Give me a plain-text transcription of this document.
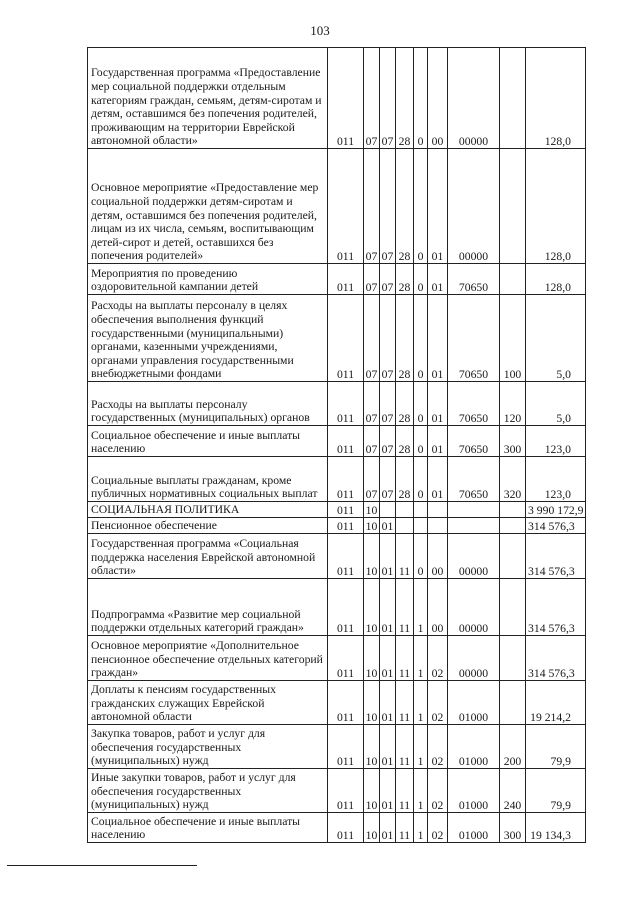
103
Государственная программа «Предоставление мер социальной поддержки отдельным категориям граждан, семьям, детям-сиротам и детям, оставшимся без попечения родителей, проживающим на территории Еврейской автономной области»	011	07	07	28	0	00	00000		128,0
Основное мероприятие «Предоставление мер социальной поддержки детям-сиротам и детям, оставшимся без попечения родителей, лицам из их числа, семьям, воспитывающим детей-сирот и детей, оставшихся без попечения родителей»	011	07	07	28	0	01	00000		128,0
Мероприятия по проведению оздоровительной кампании детей	011	07	07	28	0	01	70650		128,0
Расходы на выплаты персоналу в целях обеспечения выполнения функций государственными (муниципальными) органами, казенными учреждениями, органами управления государственными внебюджетными фондами	011	07	07	28	0	01	70650	100	5,0
Расходы на выплаты персоналу государственных (муниципальных) органов	011	07	07	28	0	01	70650	120	5,0
Социальное обеспечение и иные выплаты населению	011	07	07	28	0	01	70650	300	123,0
Социальные выплаты гражданам, кроме публичных нормативных социальных выплат	011	07	07	28	0	01	70650	320	123,0
СОЦИАЛЬНАЯ ПОЛИТИКА	011	10							3 990 172,9
Пенсионное обеспечение	011	10	01						314 576,3
Государственная программа «Социальная поддержка населения Еврейской автономной области»	011	10	01	11	0	00	00000		314 576,3
Подпрограмма «Развитие мер социальной поддержки отдельных категорий граждан»	011	10	01	11	1	00	00000		314 576,3
Основное мероприятие «Дополнительное пенсионное обеспечение отдельных категорий граждан»	011	10	01	11	1	02	00000		314 576,3
Доплаты к пенсиям государственных гражданских служащих Еврейской автономной области	011	10	01	11	1	02	01000		19 214,2
Закупка товаров, работ и услуг для обеспечения государственных (муниципальных) нужд	011	10	01	11	1	02	01000	200	79,9
Иные закупки товаров, работ и услуг для обеспечения государственных (муниципальных) нужд	011	10	01	11	1	02	01000	240	79,9
Социальное обеспечение и иные выплаты населению	011	10	01	11	1	02	01000	300	19 134,3
